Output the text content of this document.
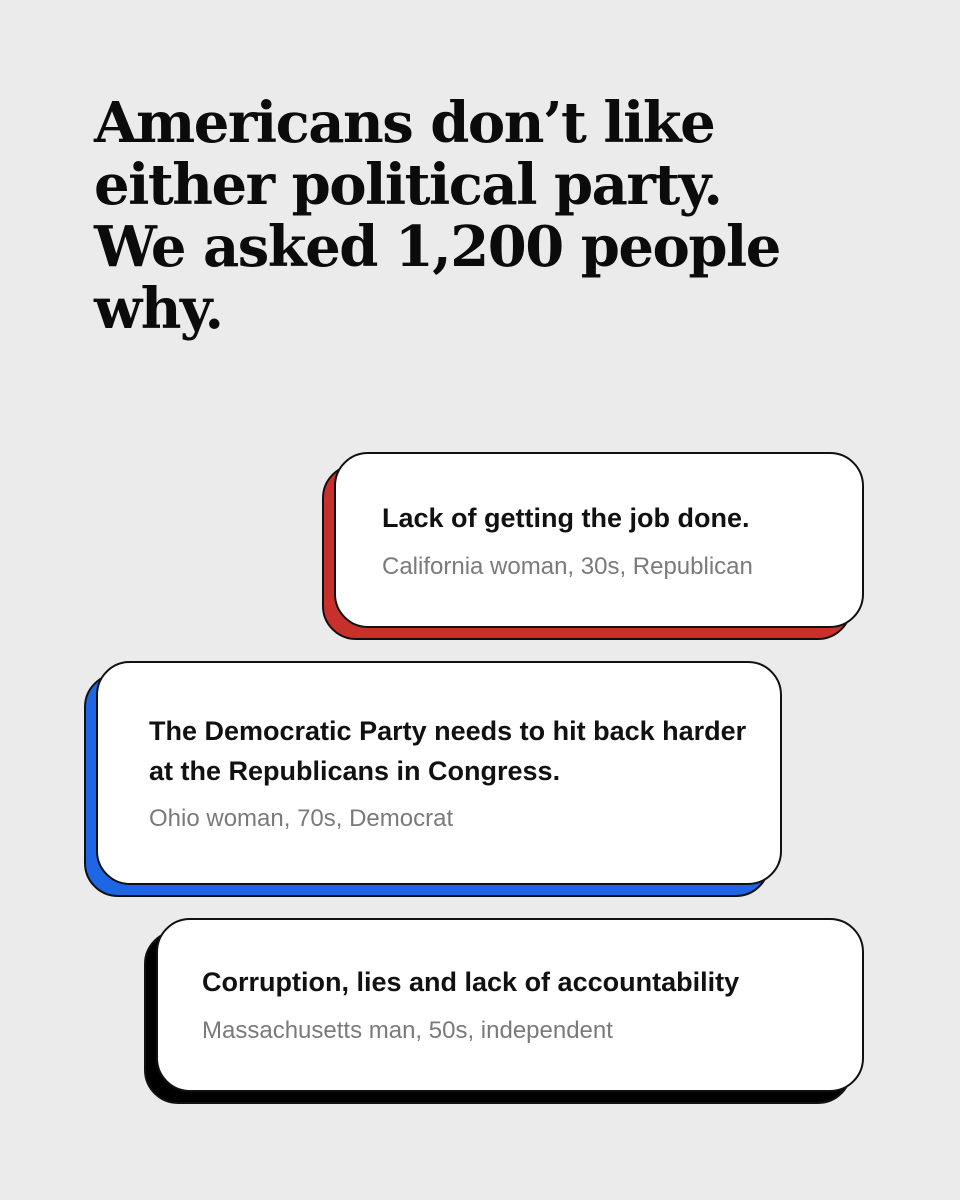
Americans don’t like either political party. We asked 1,200 people why.

Lack of getting the job done.

California woman, 30s, Republican

The Democratic Party needs to hit back harder at the Republicans in Congress.

Ohio woman, 70s, Democrat

Corruption, lies and lack of accountability

Massachusetts man, 50s, independent
